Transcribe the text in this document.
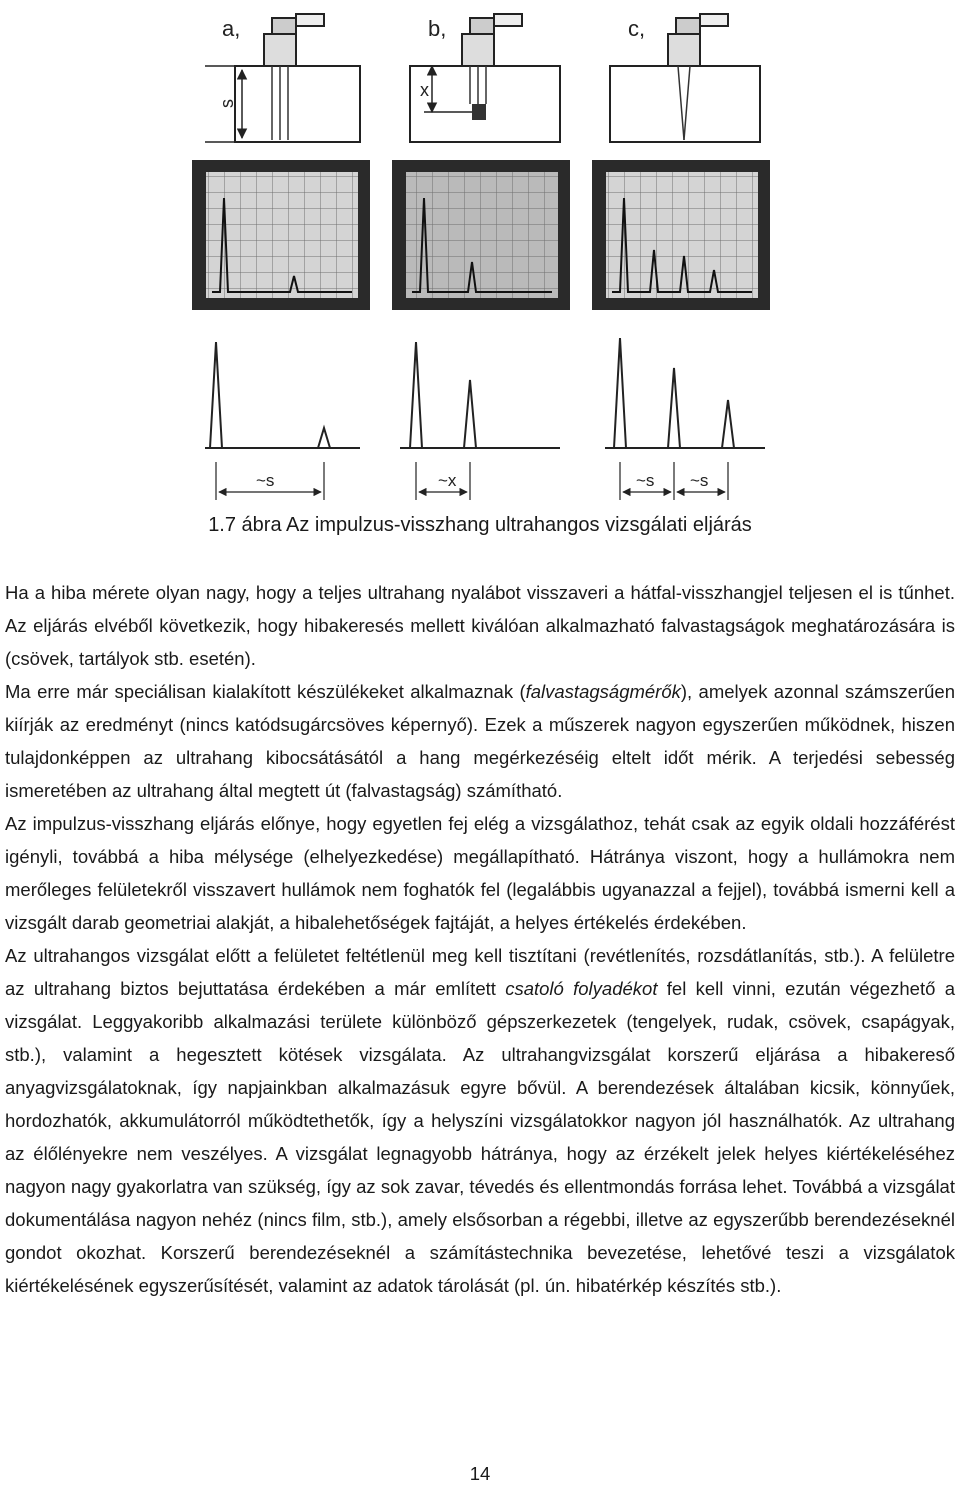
a,
s
b,
x
c,
~s	~x	~s ~s
1.7 ábra Az impulzus-visszhang ultrahangos vizsgálati eljárás

Ha a hiba mérete olyan nagy, hogy a teljes ultrahang nyalábot visszaveri a hátfal-visszhangjel teljesen el is tűnhet. Az eljárás elvéből következik, hogy hibakeresés mellett kiválóan alkalmazható falvastagságok meghatározására is (csövek, tartályok stb. esetén).

Ma erre már speciálisan kialakított készülékeket alkalmaznak (falvastagságmérők), amelyek azonnal számszerűen kiírják az eredményt (nincs katódsugárcsöves képernyő). Ezek a műszerek nagyon egyszerűen működnek, hiszen tulajdonképpen az ultrahang kibocsátásától a hang megérkezéséig eltelt időt mérik. A terjedési sebesség ismeretében az ultrahang által megtett út (falvastagság) számítható.

Az impulzus-visszhang eljárás előnye, hogy egyetlen fej elég a vizsgálathoz, tehát csak az egyik oldali hozzáférést igényli, továbbá a hiba mélysége (elhelyezkedése) megállapítható. Hátránya viszont, hogy a hullámokra nem merőleges felületekről visszavert hullámok nem foghatók fel (legalábbis ugyanazzal a fejjel), továbbá ismerni kell a vizsgált darab geometriai alakját, a hibalehetőségek fajtáját, a helyes értékelés érdekében.

Az ultrahangos vizsgálat előtt a felületet feltétlenül meg kell tisztítani (revétlenítés, rozsdátlanítás, stb.). A felületre az ultrahang biztos bejuttatása érdekében a már említett csatoló folyadékot fel kell vinni, ezután végezhető a vizsgálat. Leggyakoribb alkalmazási területe különböző gépszerkezetek (tengelyek, rudak, csövek, csapágyak, stb.), valamint a hegesztett kötések vizsgálata. Az ultrahangvizsgálat korszerű eljárása a hibakereső anyagvizsgálatoknak, így napjainkban alkalmazásuk egyre bővül. A berendezések általában kicsik, könnyűek, hordozhatók, akkumulátorról működtethetők, így a helyszíni vizsgálatokkor nagyon jól használhatók. Az ultrahang az élőlényekre nem veszélyes. A vizsgálat legnagyobb hátránya, hogy az érzékelt jelek helyes kiértékeléséhez nagyon nagy gyakorlatra van szükség, így az sok zavar, tévedés és ellentmondás forrása lehet. Továbbá a vizsgálat dokumentálása nagyon nehéz (nincs film, stb.), amely elsősorban a régebbi, illetve az egyszerűbb berendezéseknél gondot okozhat. Korszerű berendezéseknél a számítástechnika bevezetése, lehetővé teszi a vizsgálatok kiértékelésének egyszerűsítését, valamint az adatok tárolását (pl. ún. hibatérkép készítés stb.).

14
